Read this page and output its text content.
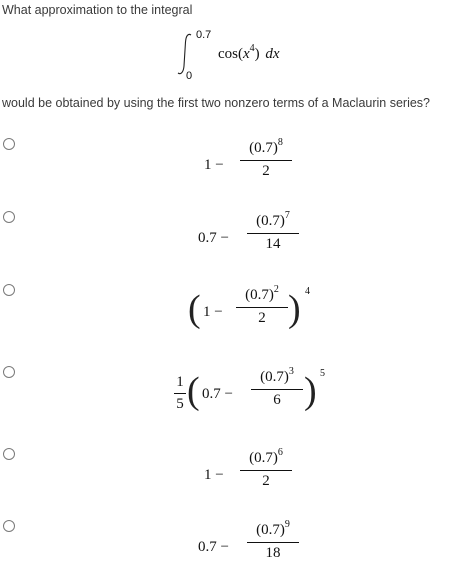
What approximation to the integral
0.7
0
$\cos(x^4)$ dx
would be obtained by using the first two nonzero terms of a Maclaurin series?
1 −
$(0.7)^8$
2
0.7 −
$(0.7)^7$
14
( 1 −
$(0.7)^2$
2 ) 4
1
5 ( 0.7 −
$(0.7)^3$
6 ) 5
1 −
$(0.7)^6$
2
0.7 −
$(0.7)^9$
18
